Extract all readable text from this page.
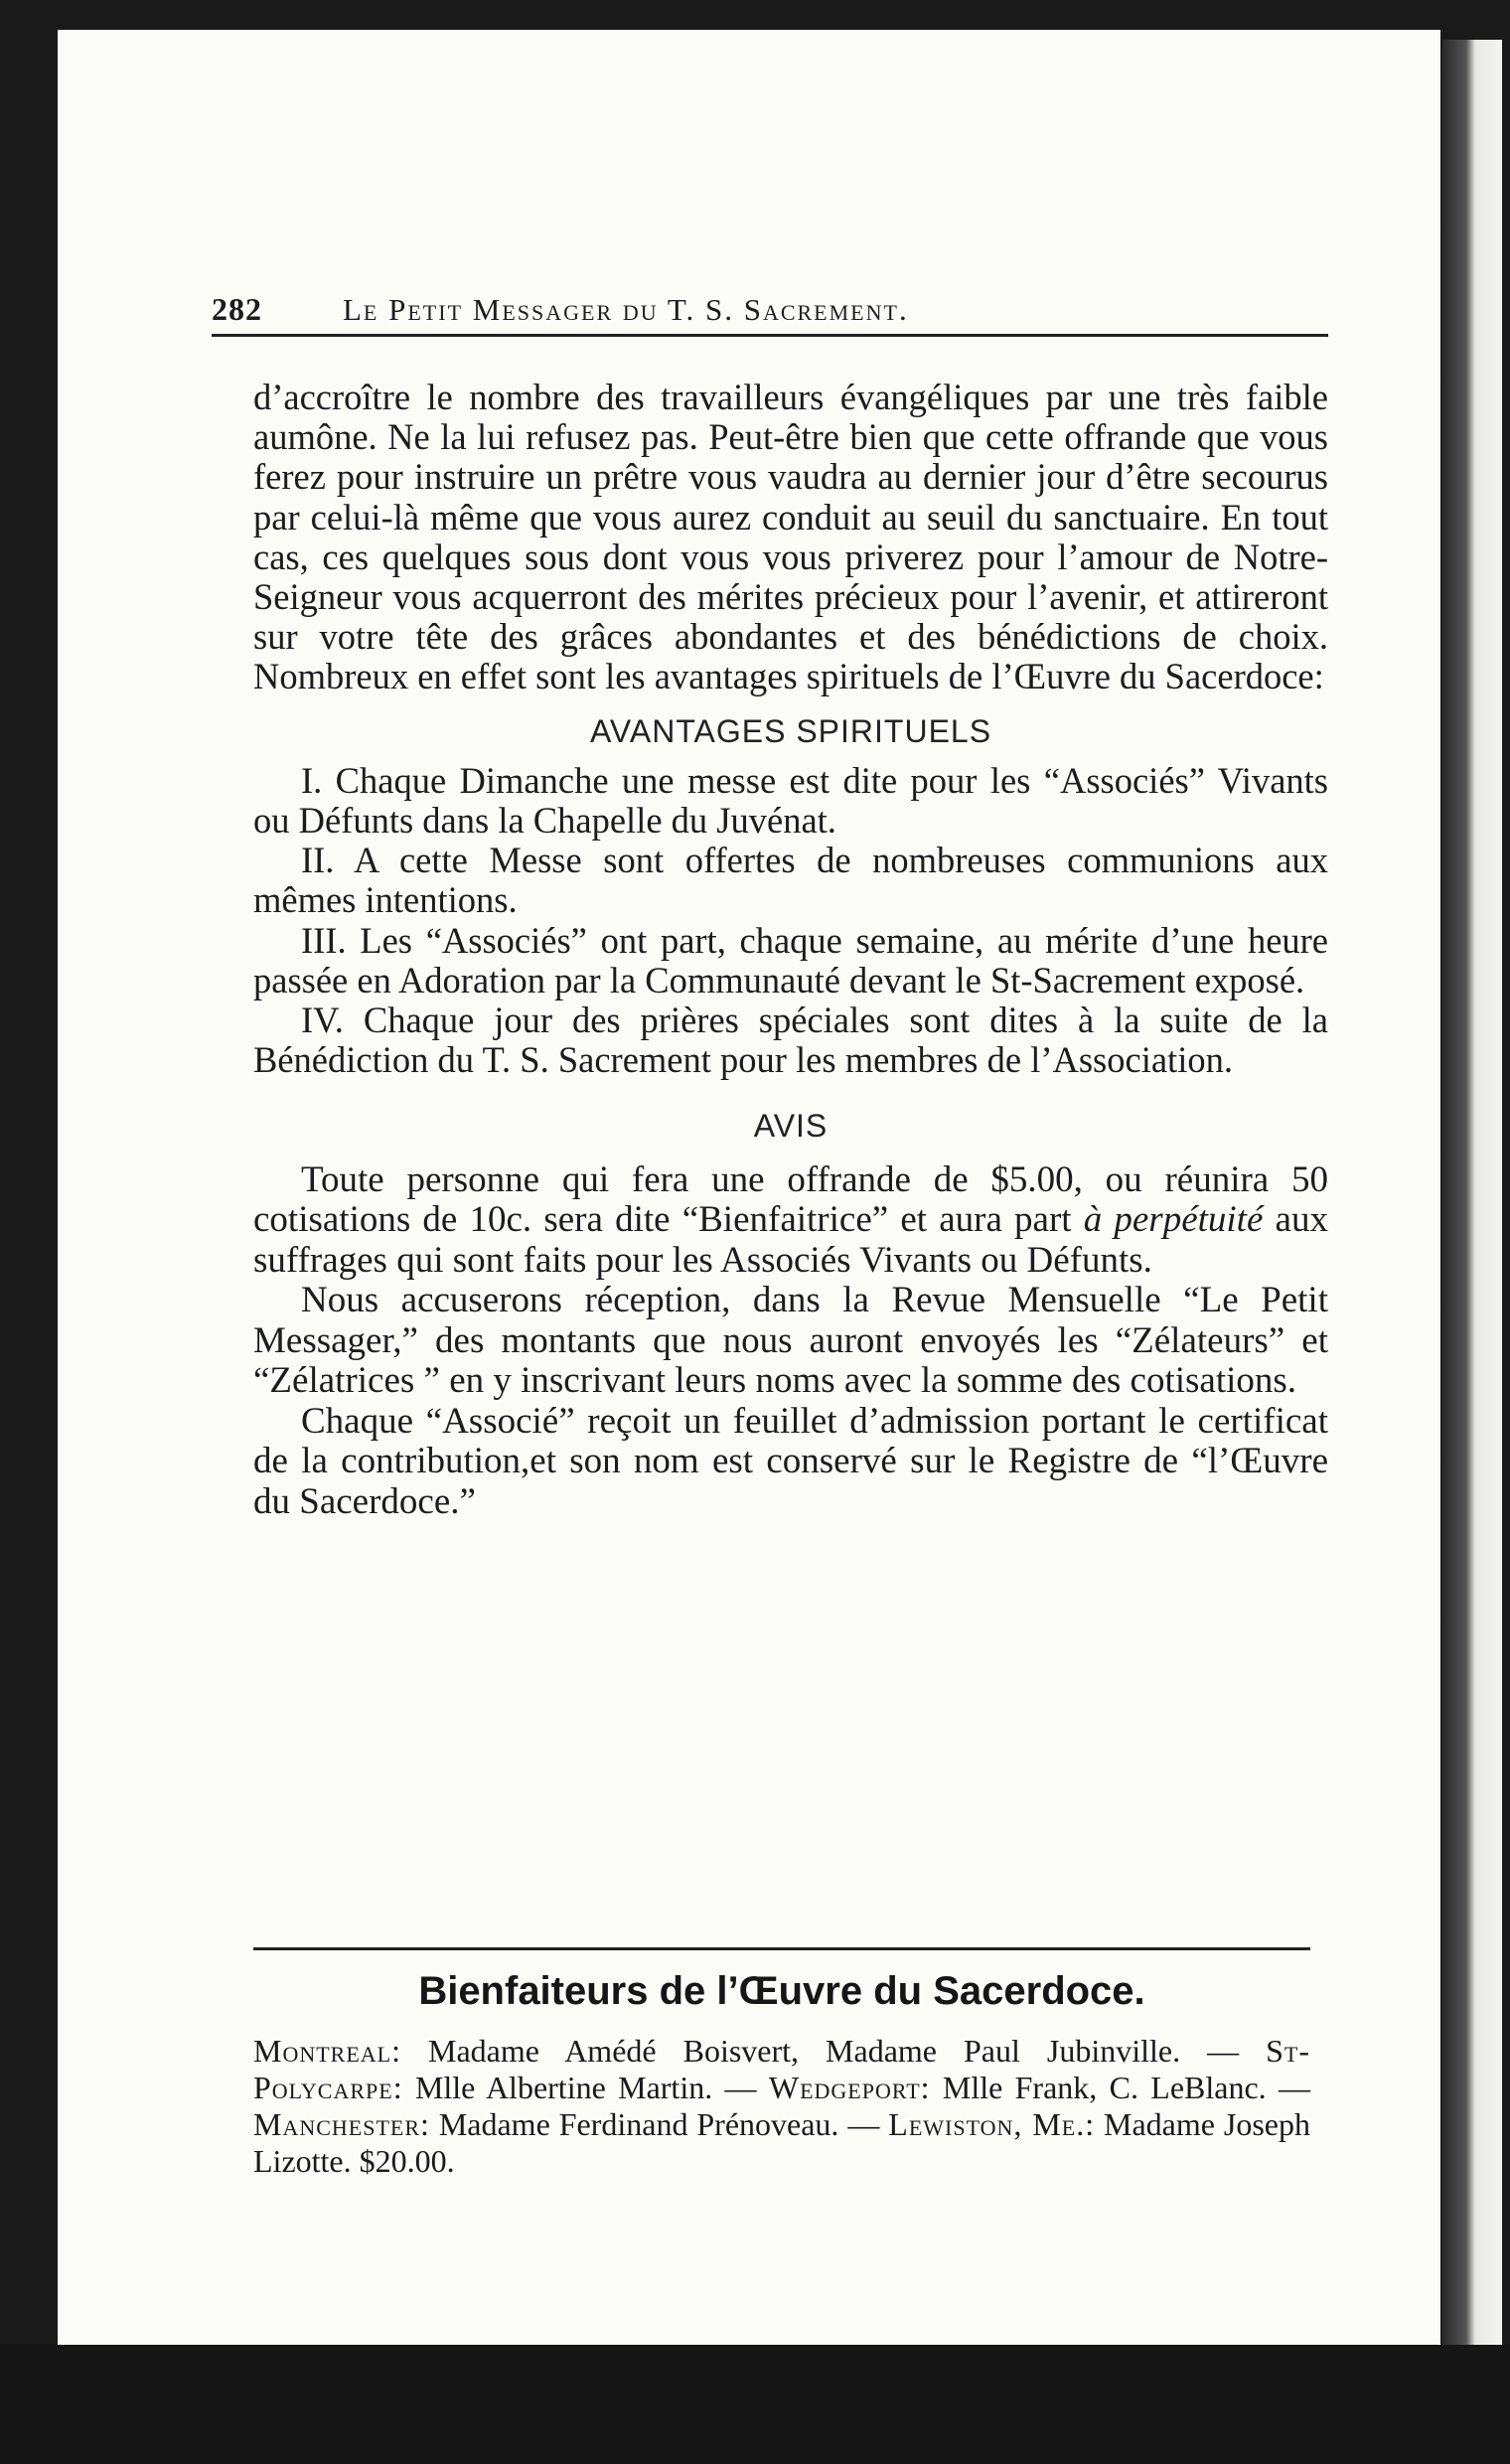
282	Le Petit Messager du T. S. Sacrement.

d’accroître le nombre des travailleurs évangéliques par une très faible aumône. Ne la lui refusez pas. Peut-être bien que cette offrande que vous ferez pour instruire un prêtre vous vaudra au dernier jour d’être secourus par celui-là même que vous aurez conduit au seuil du sanctuaire. En tout cas, ces quelques sous dont vous vous priverez pour l’amour de Notre-Seigneur vous acquerront des mérites précieux pour l’avenir, et attireront sur votre tête des grâces abondantes et des bénédictions de choix. Nombreux en effet sont les avantages spirituels de l’Œuvre du Sacerdoce:

AVANTAGES SPIRITUELS

I. Chaque Dimanche une messe est dite pour les “Associés” Vivants ou Défunts dans la Chapelle du Juvénat.

II. A cette Messe sont offertes de nombreuses communions aux mêmes intentions.

III. Les “Associés” ont part, chaque semaine, au mérite d’une heure passée en Adoration par la Communauté devant le St-Sacrement exposé.

IV. Chaque jour des prières spéciales sont dites à la suite de la Bénédiction du T. S. Sacrement pour les membres de l’Association.

AVIS

Toute personne qui fera une offrande de $5.00, ou réunira 50 cotisations de 10c. sera dite “Bienfaitrice” et aura part à perpétuité aux suffrages qui sont faits pour les Associés Vivants ou Défunts.

Nous accuserons réception, dans la Revue Mensuelle “Le Petit Messager,” des montants que nous auront envoyés les “Zélateurs” et “Zélatrices ” en y inscrivant leurs noms avec la somme des cotisations.

Chaque “Associé” reçoit un feuillet d’admission portant le certificat de la contribution,et son nom est conservé sur le Registre de “l’Œuvre du Sacerdoce.”

Bienfaiteurs de l’Œuvre du Sacerdoce.
Montreal: Madame Amédé Boisvert, Madame Paul Jubinville. — St- Polycarpe: Mlle Albertine Martin. — Wedgeport: Mlle Frank, C. LeBlanc. — Manchester: Madame Ferdinand Prénoveau. — Lewiston, Me.: Madame Joseph Lizotte. $20.00.
